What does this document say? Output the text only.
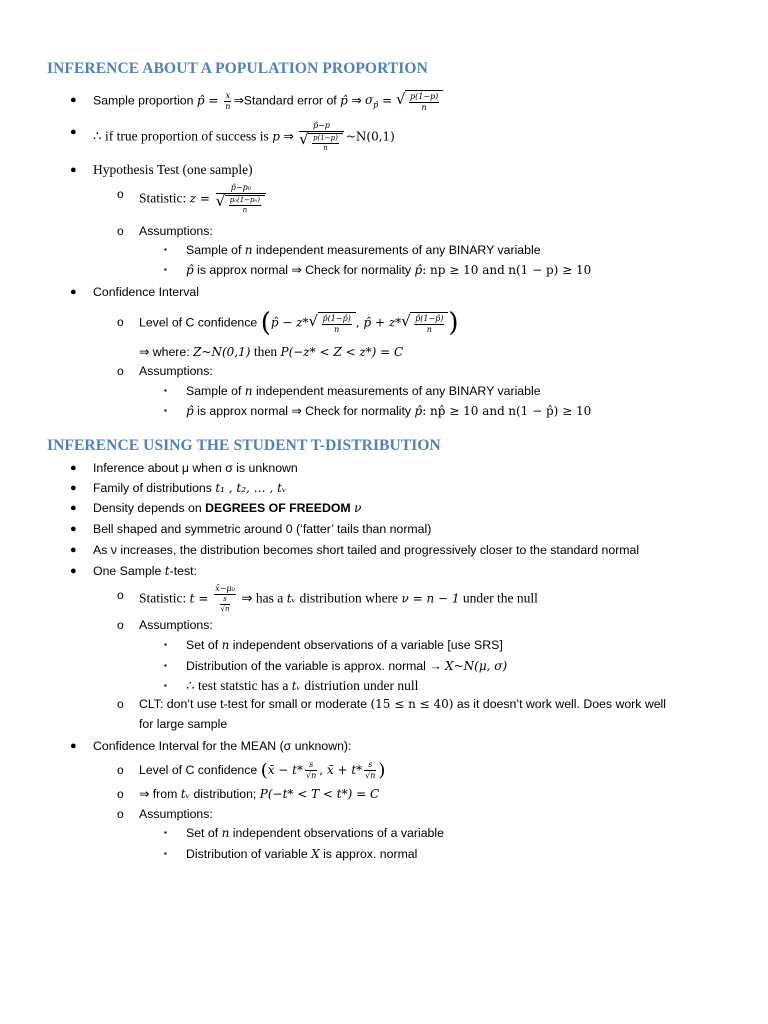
INFERENCE ABOUT A POPULATION PROPORTION
● Sample proportion p̂ = $\frac{x}{n}$ ⇒Standard error of p̂ ⇒ $\sigma_{p̂}$ = √ $\frac{p(1-p)}{n}$
● ∴ if true proportion of success is p ⇒ p̂−p
√ $\frac{p(1-p)}{n}$ ~N(0,1)
● Hypothesis Test (one sample)
o Statistic: z = p̂−p₀
√ $\frac{\text{p₀(1−p₀)}}{n}$
o Assumptions:
▪ Sample of n independent measurements of any BINARY variable
▪ p̂ is approx normal ⇒ Check for normality p̂: np ≥ 10 and n(1 − p) ≥ 10
● Confidence Interval
o Level of C confidence (p̂ − z* √ $\frac{p̂(1-p̂)}{n}$ , p̂ + z* √ $\frac{p̂(1-p̂)}{n}$ )
⇒ where: Z~N(0,1) then P(−z* < Z < z*) = C
o Assumptions:
▪ Sample of n independent measurements of any BINARY variable
▪ p̂ is approx normal ⇒ Check for normality p̂: np̂ ≥ 10 and n(1 − p̂) ≥ 10
INFERENCE USING THE STUDENT T-DISTRIBUTION
● Inference about μ when σ is unknown
● Family of distributions t₁ , t₂, … , tᵥ
● Density depends on DEGREES OF FREEDOM ν
● Bell shaped and symmetric around 0 (‘fatter’ tails than normal)
● As ν increases, the distribution becomes short tailed and progressively closer to the standard normal
● One Sample t-test:
o Statistic: $t = \frac{\text{x̄−μ₀}}{\frac{s}{√n}}$ ⇒ has a tᵥ distribution where ν = n − 1 under the null
o Assumptions:
▪ Set of n independent observations of a variable [use SRS]
▪ Distribution of the variable is approx. normal → X~N(μ, σ)
▪ ∴ test statstic has a tᵥ distriution under null
o CLT: don’t use t-test for small or moderate (15 ≤ n ≤ 40) as it doesn’t work well. Does work well
for large sample
● Confidence Interval for the MEAN (σ unknown):
o Level of C confidence (x̄ − $t* \frac{s}{√n}$ , x̄ + $t* \frac{s}{√n}$ )
o ⇒ from tᵥ distribution; P(−t* < T < t*) = C
o Assumptions:
▪ Set of n independent observations of a variable
▪ Distribution of variable X is approx. normal
